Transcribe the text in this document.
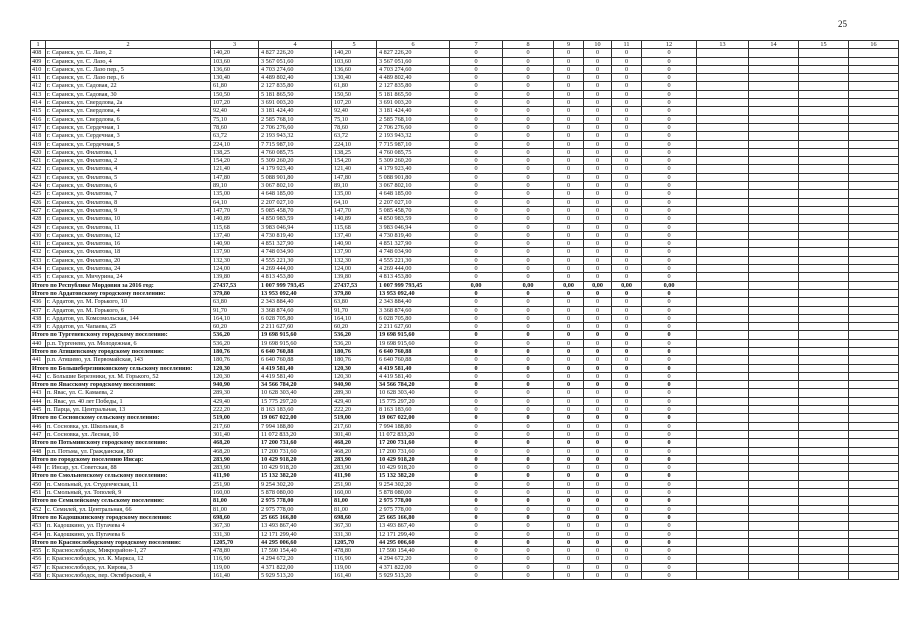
25
1	2	3	4	5	6	7	8	9	10	11	12	13	14	15	16
408	г. Саранск, ул. С. Лазо, 2	140,20	4 827 226,20	140,20	4 827 226,20	0	0	0	0	0	0				
409	г. Саранск, ул. С. Лазо, 4	103,60	3 567 051,60	103,60	3 567 051,60	0	0	0	0	0	0				
410	г. Саранск, ул. С. Лазо пер., 5	136,60	4 703 274,60	136,60	4 703 274,60	0	0	0	0	0	0				
411	г. Саранск, ул. С. Лазо пер., 6	130,40	4 489 802,40	130,40	4 489 802,40	0	0	0	0	0	0				
412	г. Саранск, ул. Садовая, 22	61,80	2 127 835,80	61,80	2 127 835,80	0	0	0	0	0	0				
413	г. Саранск, ул. Садовая, 30	150,50	5 181 865,50	150,50	5 181 865,50	0	0	0	0	0	0				
414	г. Саранск, ул. Свердлова, 2а	107,20	3 691 003,20	107,20	3 691 003,20	0	0	0	0	0	0				
415	г. Саранск, ул. Свердлова, 4	92,40	3 181 424,40	92,40	3 181 424,40	0	0	0	0	0	0				
416	г. Саранск, ул. Свердлова, 6	75,10	2 585 768,10	75,10	2 585 768,10	0	0	0	0	0	0				
417	г. Саранск, ул. Сердечная, 1	78,60	2 706 276,60	78,60	2 706 276,60	0	0	0	0	0	0				
418	г. Саранск, ул. Сердечная, 3	63,72	2 193 943,32	63,72	2 193 943,32	0	0	0	0	0	0				
419	г. Саранск, ул. Сердечная, 5	224,10	7 715 987,10	224,10	7 715 987,10	0	0	0	0	0	0				
420	г. Саранск, ул. Филатова, 1	138,25	4 760 085,75	138,25	4 760 085,75	0	0	0	0	0	0				
421	г. Саранск, ул. Филатова, 2	154,20	5 309 260,20	154,20	5 309 260,20	0	0	0	0	0	0				
422	г. Саранск, ул. Филатова, 4	121,40	4 179 923,40	121,40	4 179 923,40	0	0	0	0	0	0				
423	г. Саранск, ул. Филатова, 5	147,80	5 088 901,80	147,80	5 088 901,80	0	0	0	0	0	0				
424	г. Саранск, ул. Филатова, 6	89,10	3 067 802,10	89,10	3 067 802,10	0	0	0	0	0	0				
425	г. Саранск, ул. Филатова, 7	135,00	4 648 185,00	135,00	4 648 185,00	0	0	0	0	0	0				
426	г. Саранск, ул. Филатова, 8	64,10	2 207 027,10	64,10	2 207 027,10	0	0	0	0	0	0				
427	г. Саранск, ул. Филатова, 9	147,70	5 085 458,70	147,70	5 085 458,70	0	0	0	0	0	0				
428	г. Саранск, ул. Филатова, 10	140,89	4 850 983,59	140,89	4 850 983,59	0	0	0	0	0	0				
429	г. Саранск, ул. Филатова, 11	115,68	3 983 046,94	115,68	3 983 046,94	0	0	0	0	0	0				
430	г. Саранск, ул. Филатова, 12	137,40	4 730 819,40	137,40	4 730 819,40	0	0	0	0	0	0				
431	г. Саранск, ул. Филатова, 16	140,90	4 851 327,90	140,90	4 851 327,90	0	0	0	0	0	0				
432	г. Саранск, ул. Филатова, 18	137,90	4 748 034,90	137,90	4 748 034,90	0	0	0	0	0	0				
433	г. Саранск, ул. Филатова, 20	132,30	4 555 221,30	132,30	4 555 221,30	0	0	0	0	0	0				
434	г. Саранск, ул. Филатова, 24	124,00	4 269 444,00	124,00	4 269 444,00	0	0	0	0	0	0				
435	г. Саранск, ул. Мичурина, 24	139,80	4 813 453,80	139,80	4 813 453,80	0	0	0	0	0	0				
Итого по Республике Мордовия за 2016 год:		27437,53	1 007 999 793,45	27437,53	1 007 999 793,45	0,00	0,00	0,00	0,00	0,00	0,00				
Итого по Ардатовскому городскому поселению:		379,80	13 953 092,40	379,80	13 953 092,40	0	0	0	0	0	0				
436	г. Ардатов, ул. М. Горького, 10	63,80	2 343 884,40	63,80	2 343 884,40	0	0	0	0	0	0				
437	г. Ардатов, ул. М. Горького, 6	91,70	3 368 874,60	91,70	3 368 874,60	0	0	0	0	0	0				
438	г. Ардатов, ул. Комсомольская, 144	164,10	6 028 705,80	164,10	6 028 705,80	0	0	0	0	0	0				
439	г. Ардатов, ул. Чапаева, 25	60,20	2 211 627,60	60,20	2 211 627,60	0	0	0	0	0	0				
Итого по Тургеневскому городскому поселению:		536,20	19 698 915,60	536,20	19 698 915,60	0	0	0	0	0	0				
440	р.п. Тургенево, ул. Молодежная, 6	536,20	19 698 915,60	536,20	19 698 915,60	0	0	0	0	0	0				
Итого по Атяшевскому городскому поселению:		180,76	6 640 760,88	180,76	6 640 760,88	0	0	0	0	0	0				
441	р.п. Атяшево, ул. Первомайская, 143	180,76	6 640 760,88	180,76	6 640 760,88	0	0	0	0	0	0				
Итого по Большеберезниковскому сельскому поселению:		120,30	4 419 581,40	120,30	4 419 581,40	0	0	0	0	0	0				
442	с. Большие Березники, ул. М. Горького, 52	120,30	4 419 581,40	120,30	4 419 581,40	0	0	0	0	0	0				
Итого по Явасскому городскому поселению:		940,90	34 566 784,20	940,90	34 566 784,20	0	0	0	0	0	0				
443	п. Явас, ул. С. Камаева, 2	289,30	10 628 303,40	289,30	10 628 303,40	0	0	0	0	0	0				
444	п. Явас, ул. 40 лет Победы, 1	429,40	15 775 297,20	429,40	15 775 297,20	0	0	0	0	0	0				
445	п. Парца, ул. Центральная, 13	222,20	8 163 183,60	222,20	8 163 183,60	0	0	0	0	0	0				
Итого по Сосновскому сельскому поселению:		519,00	19 067 022,00	519,00	19 067 022,00	0	0	0	0	0	0				
446	п. Сосновка, ул. Школьная, 8	217,60	7 994 188,80	217,60	7 994 188,80	0	0	0	0	0	0				
447	п. Сосновка, ул. Лесная, 10	301,40	11 072 833,20	301,40	11 072 833,20	0	0	0	0	0	0				
Итого по Потьминскому городскому поселению:		468,20	17 200 731,60	468,20	17 200 731,60	0	0	0	0	0	0				
448	р.п. Потьма, ул. Гражданская, 80	468,20	17 200 731,60	468,20	17 200 731,60	0	0	0	0	0	0				
Итого по городскому поселению Инсар:		283,90	10 429 918,20	283,90	10 429 918,20	0	0	0	0	0	0				
449	г. Инсар, ул. Советская, 88	283,90	10 429 918,20	283,90	10 429 918,20	0	0	0	0	0	0				
Итого по Смольненскому сельскому поселению:		411,90	15 132 382,20	411,90	15 132 382,20	0	0	0	0	0	0				
450	п. Смольный, ул. Студенческая, 11	251,90	9 254 302,20	251,90	9 254 302,20	0	0	0	0	0	0				
451	п. Смольный, ул. Тополей, 9	160,00	5 878 080,00	160,00	5 878 080,00	0	0	0	0	0	0				
Итого по Семилейскому сельскому поселению:		81,00	2 975 778,00	81,00	2 975 778,00	0	0	0	0	0	0				
452	с. Семилей, ул. Центральная, 66	81,00	2 975 778,00	81,00	2 975 778,00	0	0	0	0	0	0				
Итого по Кадошкинскому городскому поселению:		698,60	25 665 166,80	698,60	25 665 166,80	0	0	0	0	0	0				
453	п. Кадошкино, ул. Пугачева 4	367,30	13 493 867,40	367,30	13 493 867,40	0	0	0	0	0	0				
454	п. Кадошкино, ул. Пугачева 6	331,30	12 171 299,40	331,30	12 171 299,40	0	0	0	0	0	0				
Итого по Краснослободскому городскому поселению:		1205,70	44 295 006,60	1205,70	44 295 006,60	0	0	0	0	0	0				
455	г. Краснослободск, Микрорайон-1, 27	478,80	17 590 154,40	478,80	17 590 154,40	0	0	0	0	0	0				
456	г. Краснослободск, ул. К. Маркса, 12	116,90	4 294 672,20	116,90	4 294 672,20	0	0	0	0	0	0				
457	г. Краснослободск, ул. Кирова, 3	119,00	4 371 822,00	119,00	4 371 822,00	0	0	0	0	0	0				
458	г. Краснослободск, пер. Октябрьский, 4	161,40	5 929 513,20	161,40	5 929 513,20	0	0	0	0	0	0				
